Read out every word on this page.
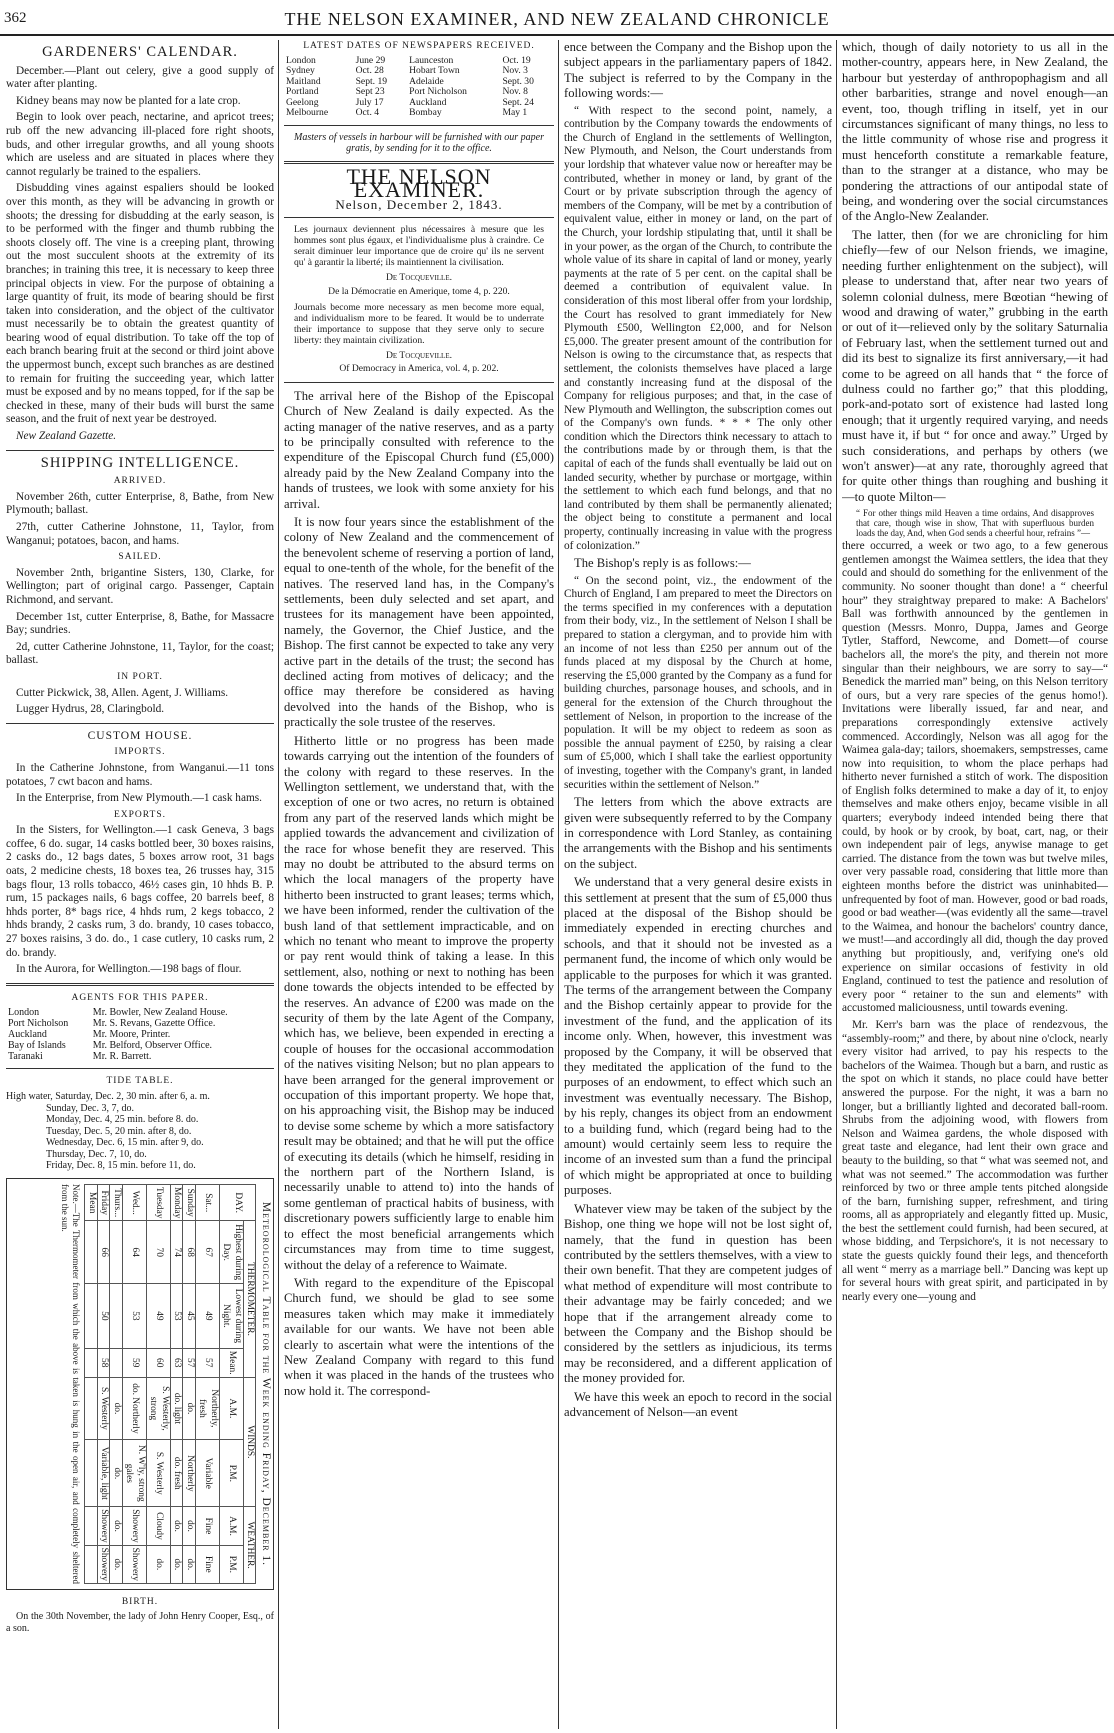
362	THE NELSON EXAMINER, AND NEW ZEALAND CHRONICLE
GARDENERS' CALENDAR.

December.—Plant out celery, give a good supply of water after planting.

Kidney beans may now be planted for a late crop.

Begin to look over peach, nectarine, and apricot trees; rub off the new advancing ill-placed fore right shoots, buds, and other irregular growths, and all young shoots which are useless and are situated in places where they cannot regularly be trained to the espaliers.

Disbudding vines against espaliers should be looked over this month, as they will be advancing in growth or shoots; the dressing for disbudding at the early season, is to be performed with the finger and thumb rubbing the shoots closely off. The vine is a creeping plant, throwing out the most succulent shoots at the extremity of its branches; in training this tree, it is necessary to keep three principal objects in view. For the purpose of obtaining a large quantity of fruit, its mode of bearing should be first taken into consideration, and the object of the cultivator must necessarily be to obtain the greatest quantity of bearing wood of equal distribution. To take off the top of each branch bearing fruit at the second or third joint above the uppermost bunch, except such branches as are destined to remain for fruiting the succeeding year, which latter must be exposed and by no means topped, for if the sap be checked in these, many of their buds will burst the same season, and the fruit of next year be destroyed.

New Zealand Gazette.

SHIPPING INTELLIGENCE.
ARRIVED.

November 26th, cutter Enterprise, 8, Bathe, from New Plymouth; ballast.

27th, cutter Catherine Johnstone, 11, Taylor, from Wanganui; potatoes, bacon, and hams.

SAILED.

November 2nth, brigantine Sisters, 130, Clarke, for Wellington; part of original cargo. Passenger, Captain Richmond, and servant.

December 1st, cutter Enterprise, 8, Bathe, for Massacre Bay; sundries.

2d, cutter Catherine Johnstone, 11, Taylor, for the coast; ballast.

IN PORT.

Cutter Pickwick, 38, Allen. Agent, J. Williams.

Lugger Hydrus, 28, Claringbold.

CUSTOM HOUSE.
IMPORTS.

In the Catherine Johnstone, from Wanganui.—11 tons potatoes, 7 cwt bacon and hams.

In the Enterprise, from New Plymouth.—1 cask hams.

EXPORTS.

In the Sisters, for Wellington.—1 cask Geneva, 3 bags coffee, 6 do. sugar, 14 casks bottled beer, 30 boxes raisins, 2 casks do., 12 bags dates, 5 boxes arrow root, 31 bags oats, 2 medicine chests, 18 boxes tea, 26 trusses hay, 315 bags flour, 13 rolls tobacco, 46½ cases gin, 10 hhds B. P. rum, 15 packages nails, 6 bags coffee, 20 barrels beef, 8 hhds porter, 8* bags rice, 4 hhds rum, 2 kegs tobacco, 2 hhds brandy, 2 casks rum, 3 do. brandy, 10 cases tobacco, 27 boxes raisins, 3 do. do., 1 case cutlery, 10 casks rum, 2 do. brandy.

In the Aurora, for Wellington.—198 bags of flour.

AGENTS FOR THIS PAPER.
London	Mr. Bowler, New Zealand House.
Port Nicholson	Mr. S. Revans, Gazette Office.
Auckland	Mr. Moore, Printer.
Bay of Islands	Mr. Belford, Observer Office.
Taranaki	Mr. R. Barrett.
TIDE TABLE.
High water, Saturday, Dec. 2, 30 min. after 6, a. m.
Sunday, Dec. 3, 7, do.
Monday, Dec. 4, 25 min. before 8. do.
Tuesday, Dec. 5, 20 min. after 8, do.
Wednesday, Dec. 6, 15 min. after 9, do.
Thursday, Dec. 7, 10, do.
Friday, Dec. 8, 15 min. before 11, do.
Meteorological Table for the Week ending Friday, December 1.
DAY.	THERMOMETER.			WINDS.		WEATHER.	
	Highest during Day.	Lowest during Night.	Mean.	A.M.	P.M.	A.M.	P.M.
Sat...	67	49	57	Northerly, fresh	Variable	Fine	Fine
Sunday	68	45	57	do.	Northerly	do.	do.
Monday	74	53	63	do. light	do. fresh	do.	do.
Tuesday	70	49	60	S. Westerly, strong	S. Westerly	Cloudy	do.
Wed...	64	53	59	do. Northerly	N. W'ly, strong gales	Showery	Showery
Thurs...				do.	do.	do.	do.
Friday	66	50	58	S. Westerly	Variable, light	Showery	Showery
Mean							
Note.—The Thermometer from which the above is taken is hung in the open air, and completely sheltered from the sun.
BIRTH.

On the 30th November, the lady of John Henry Cooper, Esq., of a son.

LATEST DATES OF NEWSPAPERS RECEIVED.
London	June 29	Launceston	Oct. 19
Sydney	Oct. 28	Hobart Town	Nov. 3
Maitland	Sept. 19	Adelaide	Sept. 30
Portland	Sept 23	Port Nicholson	Nov. 8
Geelong	July 17	Auckland	Sept. 24
Melbourne	Oct. 4	Bombay	May 1

Masters of vessels in harbour will be furnished with our paper gratis, by sending for it to the office.

THE NELSON EXAMINER.
Nelson, December 2, 1843.

Les journaux deviennent plus nécessaires à mesure que les hommes sont plus égaux, et l'individualisme plus à craindre. Ce serait diminuer leur importance que de croire qu' ils ne servent qu' à garantir la liberté; ils maintiennent la civilisation.

De Tocqueville.
De la Démocratie en Amerique, tome 4, p. 220.

Journals become more necessary as men become more equal, and individualism more to be feared. It would be to underrate their importance to suppose that they serve only to secure liberty: they maintain civilization.

De Tocqueville.
Of Democracy in America, vol. 4, p. 202.

The arrival here of the Bishop of the Episcopal Church of New Zealand is daily expected. As the acting manager of the native reserves, and as a party to be principally consulted with reference to the expenditure of the Episcopal Church fund (£5,000) already paid by the New Zealand Company into the hands of trustees, we look with some anxiety for his arrival.

It is now four years since the establishment of the colony of New Zealand and the commencement of the benevolent scheme of reserving a portion of land, equal to one-tenth of the whole, for the benefit of the natives. The reserved land has, in the Company's settlements, been duly selected and set apart, and trustees for its management have been appointed, namely, the Governor, the Chief Justice, and the Bishop. The first cannot be expected to take any very active part in the details of the trust; the second has declined acting from motives of delicacy; and the office may therefore be considered as having devolved into the hands of the Bishop, who is practically the sole trustee of the reserves.

Hitherto little or no progress has been made towards carrying out the intention of the founders of the colony with regard to these reserves. In the Wellington settlement, we understand that, with the exception of one or two acres, no return is obtained from any part of the reserved lands which might be applied towards the advancement and civilization of the race for whose benefit they are reserved. This may no doubt be attributed to the absurd terms on which the local managers of the property have hitherto been instructed to grant leases; terms which, we have been informed, render the cultivation of the bush land of that settlement impracticable, and on which no tenant who meant to improve the property or pay rent would think of taking a lease. In this settlement, also, nothing or next to nothing has been done towards the objects intended to be effected by the reserves. An advance of £200 was made on the security of them by the late Agent of the Company, which has, we believe, been expended in erecting a couple of houses for the occasional accommodation of the natives visiting Nelson; but no plan appears to have been arranged for the general improvement or occupation of this important property. We hope that, on his approaching visit, the Bishop may be induced to devise some scheme by which a more satisfactory result may be obtained; and that he will put the office of executing its details (which he himself, residing in the northern part of the Northern Island, is necessarily unable to attend to) into the hands of some gentleman of practical habits of business, with discretionary powers sufficiently large to enable him to effect the most beneficial arrangements which circumstances may from time to time suggest, without the delay of a reference to Waimate.

With regard to the expenditure of the Episcopal Church fund, we should be glad to see some measures taken which may make it immediately available for our wants. We have not been able clearly to ascertain what were the intentions of the New Zealand Company with regard to this fund when it was placed in the hands of the trustees who now hold it. The correspond-

ence between the Company and the Bishop upon the subject appears in the parliamentary papers of 1842. The subject is referred to by the Company in the following words:—

“ With respect to the second point, namely, a contribution by the Company towards the endowments of the Church of England in the settlements of Wellington, New Plymouth, and Nelson, the Court understands from your lordship that whatever value now or hereafter may be contributed, whether in money or land, by grant of the Court or by private subscription through the agency of members of the Company, will be met by a contribution of equivalent value, either in money or land, on the part of the Church, your lordship stipulating that, until it shall be in your power, as the organ of the Church, to contribute the whole value of its share in capital of land or money, yearly payments at the rate of 5 per cent. on the capital shall be deemed a contribution of equivalent value. In consideration of this most liberal offer from your lordship, the Court has resolved to grant immediately for New Plymouth £500, Wellington £2,000, and for Nelson £5,000. The greater present amount of the contribution for Nelson is owing to the circumstance that, as respects that settlement, the colonists themselves have placed a large and constantly increasing fund at the disposal of the Company for religious purposes; and that, in the case of New Plymouth and Wellington, the subscription comes out of the Company's own funds. * * * The only other condition which the Directors think necessary to attach to the contributions made by or through them, is that the capital of each of the funds shall eventually be laid out on landed security, whether by purchase or mortgage, within the settlement to which each fund belongs, and that no land contributed by them shall be permanently alienated; the object being to constitute a permanent and local property, continually increasing in value with the progress of colonization.”

The Bishop's reply is as follows:—

“ On the second point, viz., the endowment of the Church of England, I am prepared to meet the Directors on the terms specified in my conferences with a deputation from their body, viz., In the settlement of Nelson I shall be prepared to station a clergyman, and to provide him with an income of not less than £250 per annum out of the funds placed at my disposal by the Church at home, reserving the £5,000 granted by the Company as a fund for building churches, parsonage houses, and schools, and in general for the extension of the Church throughout the settlement of Nelson, in proportion to the increase of the population. It will be my object to redeem as soon as possible the annual payment of £250, by raising a clear sum of £5,000, which I shall take the earliest opportunity of investing, together with the Company's grant, in landed securities within the settlement of Nelson.”

The letters from which the above extracts are given were subsequently referred to by the Company in correspondence with Lord Stanley, as containing the arrangements with the Bishop and his sentiments on the subject.

We understand that a very general desire exists in this settlement at present that the sum of £5,000 thus placed at the disposal of the Bishop should be immediately expended in erecting churches and schools, and that it should not be invested as a permanent fund, the income of which only would be applicable to the purposes for which it was granted. The terms of the arrangement between the Company and the Bishop certainly appear to provide for the investment of the fund, and the application of its income only. When, however, this investment was proposed by the Company, it will be observed that they meditated the application of the fund to the purposes of an endowment, to effect which such an investment was eventually necessary. The Bishop, by his reply, changes its object from an endowment to a building fund, which (regard being had to the amount) would certainly seem less to require the income of an invested sum than a fund the principal of which might be appropriated at once to building purposes.

Whatever view may be taken of the subject by the Bishop, one thing we hope will not be lost sight of, namely, that the fund in question has been contributed by the settlers themselves, with a view to their own benefit. That they are competent judges of what method of expenditure will most contribute to their advantage may be fairly conceded; and we hope that if the arrangement already come to between the Company and the Bishop should be considered by the settlers as injudicious, its terms may be reconsidered, and a different application of the money provided for.

We have this week an epoch to record in the social advancement of Nelson—an event

which, though of daily notoriety to us all in the mother-country, appears here, in New Zealand, the harbour but yesterday of anthropophagism and all other barbarities, strange and novel enough—an event, too, though trifling in itself, yet in our circumstances significant of many things, no less to the little community of whose rise and progress it must henceforth constitute a remarkable feature, than to the stranger at a distance, who may be pondering the attractions of our antipodal state of being, and wondering over the social circumstances of the Anglo-New Zealander.

The latter, then (for we are chronicling for him chiefly—few of our Nelson friends, we imagine, needing further enlightenment on the subject), will please to understand that, after near two years of solemn colonial dulness, mere Bœotian “hewing of wood and drawing of water,” grubbing in the earth or out of it—relieved only by the solitary Saturnalia of February last, when the settlement turned out and did its best to signalize its first anniversary,—it had come to be agreed on all hands that “ the force of dulness could no farther go;” that this plodding, pork-and-potato sort of existence had lasted long enough; that it urgently required varying, and needs must have it, if but “ for once and away.” Urged by such considerations, and perhaps by others (we won't answer)—at any rate, thoroughly agreed that for quite other things than roughing and bushing it—to quote Milton—

“ For other things mild Heaven a time ordains, And disapproves that care, though wise in show, That with superfluous burden loads the day, And, when God sends a cheerful hour, refrains ”—

there occurred, a week or two ago, to a few generous gentlemen amongst the Waimea settlers, the idea that they could and should do something for the enlivenment of the community. No sooner thought than done! a “ cheerful hour” they straightway prepared to make: A Bachelors' Ball was forthwith announced by the gentlemen in question (Messrs. Monro, Duppa, James and George Tytler, Stafford, Newcome, and Domett—of course bachelors all, the more's the pity, and therein not more singular than their neighbours, we are sorry to say—“ Benedick the married man” being, on this Nelson territory of ours, but a very rare species of the genus homo!). Invitations were liberally issued, far and near, and preparations correspondingly extensive actively commenced. Accordingly, Nelson was all agog for the Waimea gala-day; tailors, shoemakers, sempstresses, came now into requisition, to whom the place perhaps had hitherto never furnished a stitch of work. The disposition of English folks determined to make a day of it, to enjoy themselves and make others enjoy, became visible in all quarters; everybody indeed intended being there that could, by hook or by crook, by boat, cart, nag, or their own independent pair of legs, anywise manage to get carried. The distance from the town was but twelve miles, over very passable road, considering that little more than eighteen months before the district was uninhabited—unfrequented by foot of man. However, good or bad roads, good or bad weather—(was evidently all the same—travel to the Waimea, and honour the bachelors' country dance, we must!—and accordingly all did, though the day proved anything but propitiously, and, verifying one's old experience on similar occasions of festivity in old England, continued to test the patience and resolution of every poor “ retainer to the sun and elements” with accustomed maliciousness, until towards evening.

Mr. Kerr's barn was the place of rendezvous, the “assembly-room;” and there, by about nine o'clock, nearly every visitor had arrived, to pay his respects to the bachelors of the Waimea. Though but a barn, and rustic as the spot on which it stands, no place could have better answered the purpose. For the night, it was a barn no longer, but a brilliantly lighted and decorated ball-room. Shrubs from the adjoining wood, with flowers from Nelson and Waimea gardens, the whole disposed with great taste and elegance, had lent their own grace and beauty to the building, so that “ what was seemed not, and what was not seemed.” The accommodation was further reinforced by two or three ample tents pitched alongside of the barn, furnishing supper, refreshment, and tiring rooms, all as appropriately and elegantly fitted up. Music, the best the settlement could furnish, had been secured, at whose bidding, and Terpsichore's, it is not necessary to state the guests quickly found their legs, and thenceforth all went “ merry as a marriage bell.” Dancing was kept up for several hours with great spirit, and participated in by nearly every one—young and
